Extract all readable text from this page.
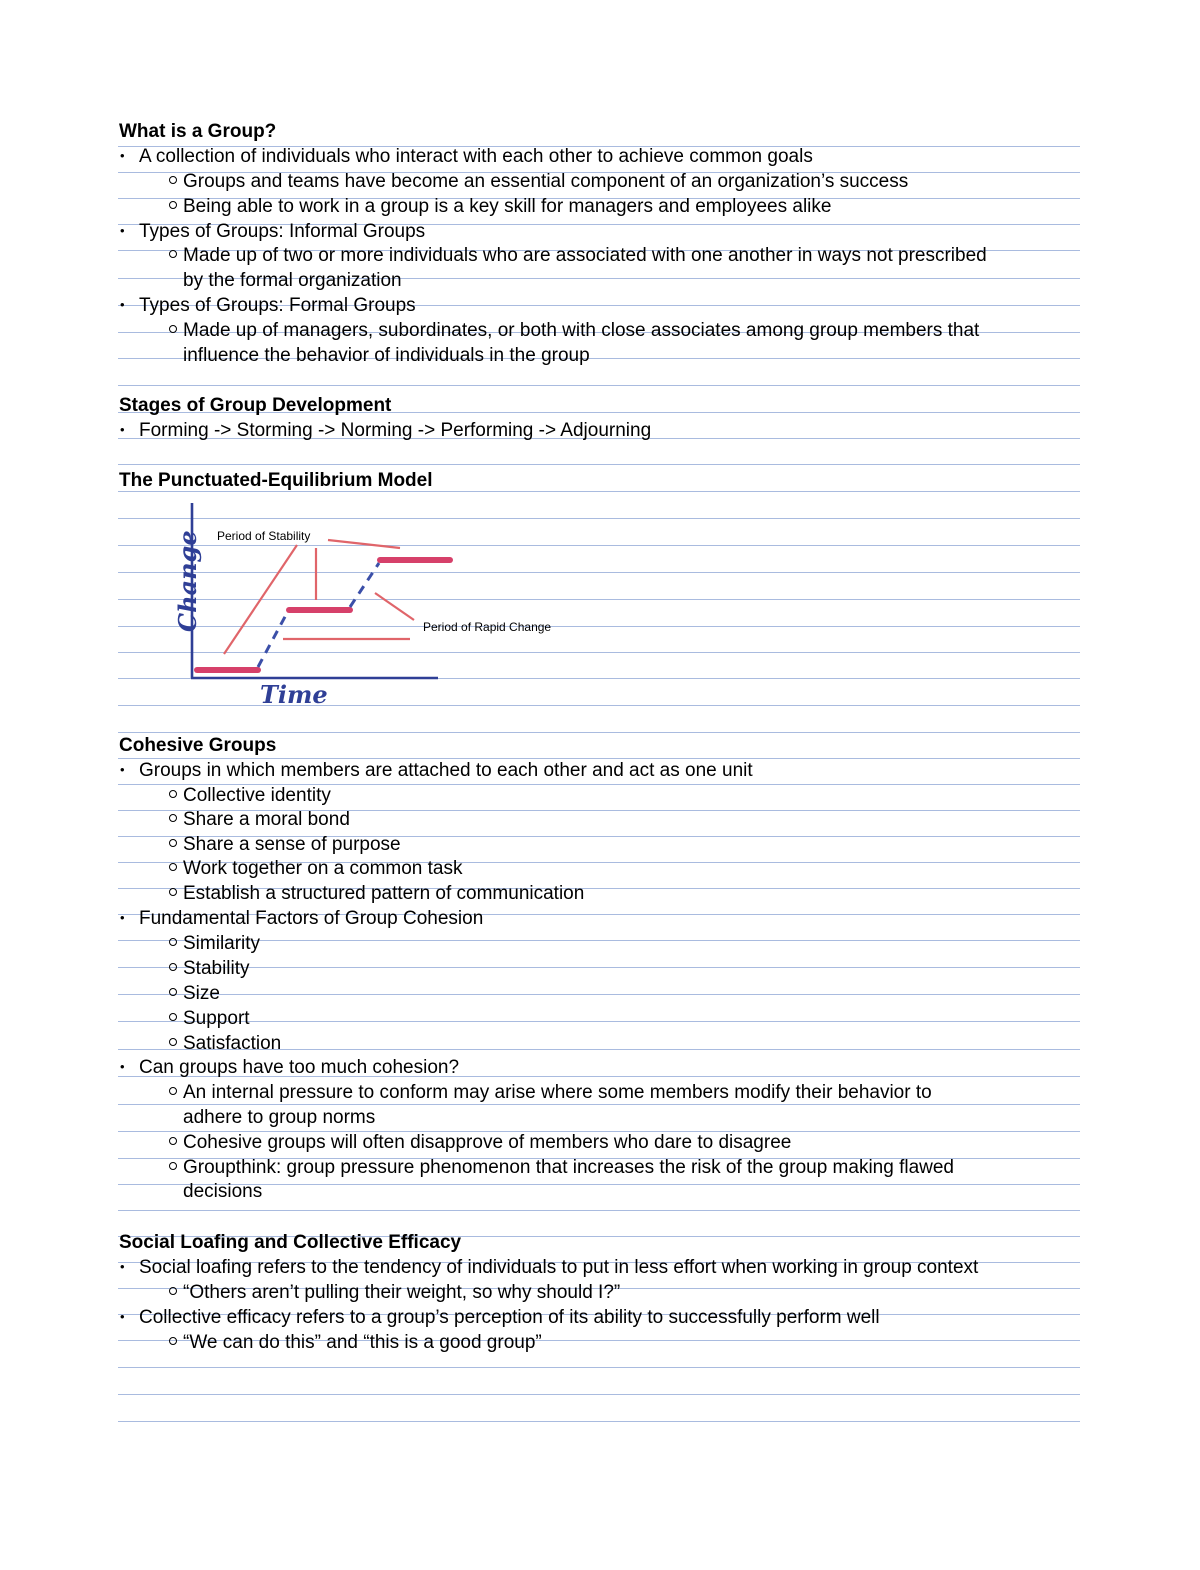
What is a Group?
•A collection of individuals who interact with each other to achieve common goals
Groups and teams have become an essential component of an organization’s success
Being able to work in a group is a key skill for managers and employees alike
•Types of Groups: Informal Groups
Made up of two or more individuals who are associated with one another in ways not prescribed
by the formal organization
•Types of Groups: Formal Groups
Made up of managers, subordinates, or both with close associates among group members that
influence the behavior of individuals in the group
Stages of Group Development
•Forming -> Storming -> Norming -> Performing -> Adjourning
The Punctuated-Equilibrium Model
Change
Time
Period of Stability
Period of Rapid Change
Cohesive Groups
•Groups in which members are attached to each other and act as one unit
Collective identity
Share a moral bond
Share a sense of purpose
Work together on a common task
Establish a structured pattern of communication
•Fundamental Factors of Group Cohesion
Similarity
Stability
Size
Support
Satisfaction
•Can groups have too much cohesion?
An internal pressure to conform may arise where some members modify their behavior to
adhere to group norms
Cohesive groups will often disapprove of members who dare to disagree
Groupthink: group pressure phenomenon that increases the risk of the group making flawed
decisions
Social Loafing and Collective Efficacy
•Social loafing refers to the tendency of individuals to put in less effort when working in group context
“Others aren’t pulling their weight, so why should I?”
•Collective efficacy refers to a group’s perception of its ability to successfully perform well
“We can do this” and “this is a good group”
